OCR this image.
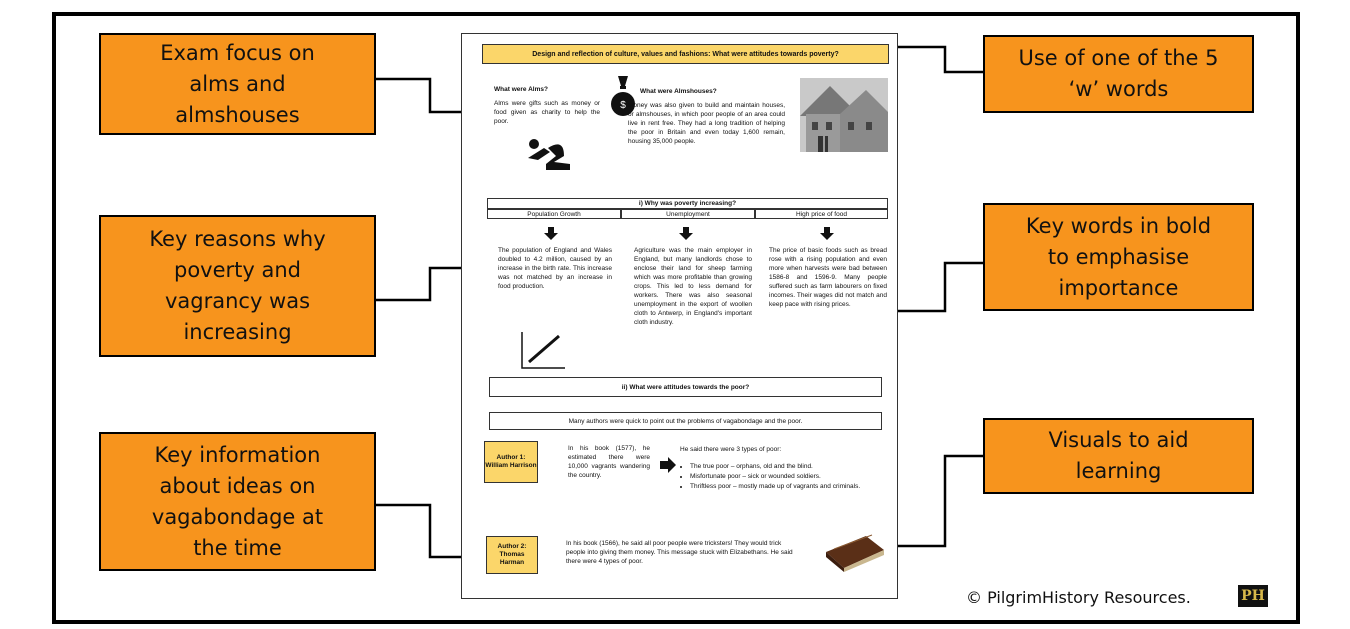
Exam focus on
alms and
almshouses
Key reasons why
poverty and
vagrancy was
increasing
Key information
about ideas on
vagabondage at
the time
Use of one of the 5
‘w’ words
Key words in bold
to emphasise
importance
Visuals to aid
learning
Design and reflection of culture, values and fashions: What were attitudes towards poverty?
What were Alms?
Alms were gifts such as money or food given as charity to help the poor.
$
What were Almshouses?
Money was also given to build and maintain houses, or almshouses, in which poor people of an area could live in rent free. They had a long tradition of helping the poor in Britain and even today 1,600 remain, housing 35,000 people.
i) Why was poverty increasing?
Population Growth	Unemployment	High price of food
The population of England and Wales doubled to 4.2 million, caused by an increase in the birth rate. This increase was not matched by an increase in food production.
Agriculture was the main employer in England, but many landlords chose to enclose their land for sheep farming which was more profitable than growing crops. This led to less demand for workers. There was also seasonal unemployment in the export of woollen cloth to Antwerp, in England's important cloth industry.
The price of basic foods such as bread rose with a rising population and even more when harvests were bad between 1586-8 and 1596-9. Many people suffered such as farm labourers on fixed incomes. Their wages did not match and keep pace with rising prices.
ii) What were attitudes towards the poor?
Many authors were quick to point out the problems of vagabondage and the poor.
Author 1:
William Harrison
In his book (1577), he estimated there were 10,000 vagrants wandering the country.
He said there were 3 types of poor:
• The true poor – orphans, old and the blind.
• Misfortunate poor – sick or wounded soldiers.
• Thriftless poor – mostly made up of vagrants and criminals.
Author 2:
Thomas Harman
In his book (1566), he said all poor people were tricksters! They would trick people into giving them money. This message stuck with Elizabethans. He said there were 4 types of poor.
© PilgrimHistory Resources.	PH
